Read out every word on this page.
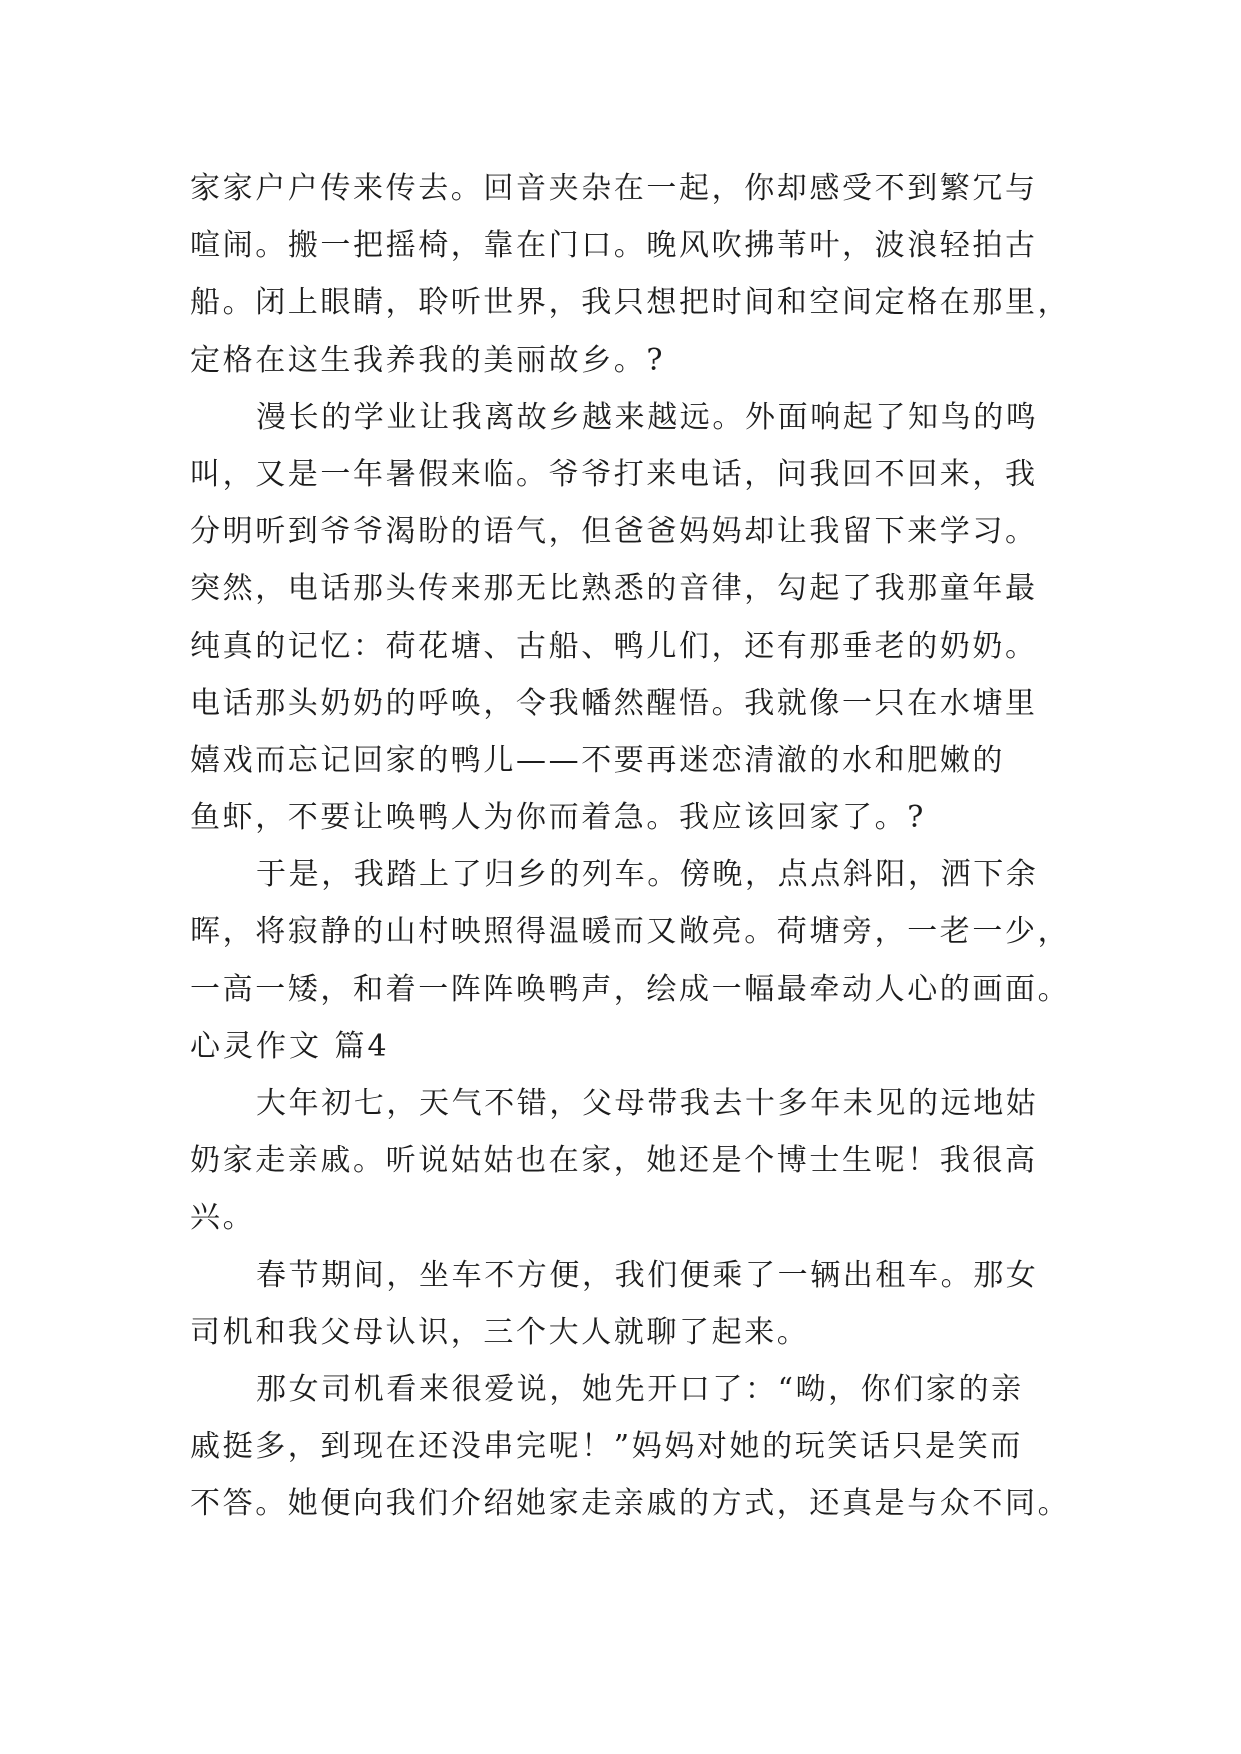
家家户户传来传去。回音夹杂在一起，你却感受不到繁冗与
喧闹。搬一把摇椅，靠在门口。晚风吹拂苇叶，波浪轻拍古
船。闭上眼睛，聆听世界，我只想把时间和空间定格在那里，
定格在这生我养我的美丽故乡。?
漫长的学业让我离故乡越来越远。外面响起了知鸟的鸣
叫，又是一年暑假来临。爷爷打来电话，问我回不回来，我
分明听到爷爷渴盼的语气，但爸爸妈妈却让我留下来学习。
突然，电话那头传来那无比熟悉的音律，勾起了我那童年最
纯真的记忆：荷花塘、古船、鸭儿们，还有那垂老的奶奶。
电话那头奶奶的呼唤，令我幡然醒悟。我就像一只在水塘里
嬉戏而忘记回家的鸭儿——不要再迷恋清澈的水和肥嫩的
鱼虾，不要让唤鸭人为你而着急。我应该回家了。?
于是，我踏上了归乡的列车。傍晚，点点斜阳，洒下余
晖，将寂静的山村映照得温暖而又敞亮。荷塘旁，一老一少，
一高一矮，和着一阵阵唤鸭声，绘成一幅最牵动人心的画面。
心灵作文 篇4
大年初七，天气不错，父母带我去十多年未见的远地姑
奶家走亲戚。听说姑姑也在家，她还是个博士生呢！我很高
兴。
春节期间，坐车不方便，我们便乘了一辆出租车。那女
司机和我父母认识，三个大人就聊了起来。
那女司机看来很爱说，她先开口了：“呦，你们家的亲
戚挺多，到现在还没串完呢！”妈妈对她的玩笑话只是笑而
不答。她便向我们介绍她家走亲戚的方式，还真是与众不同。
